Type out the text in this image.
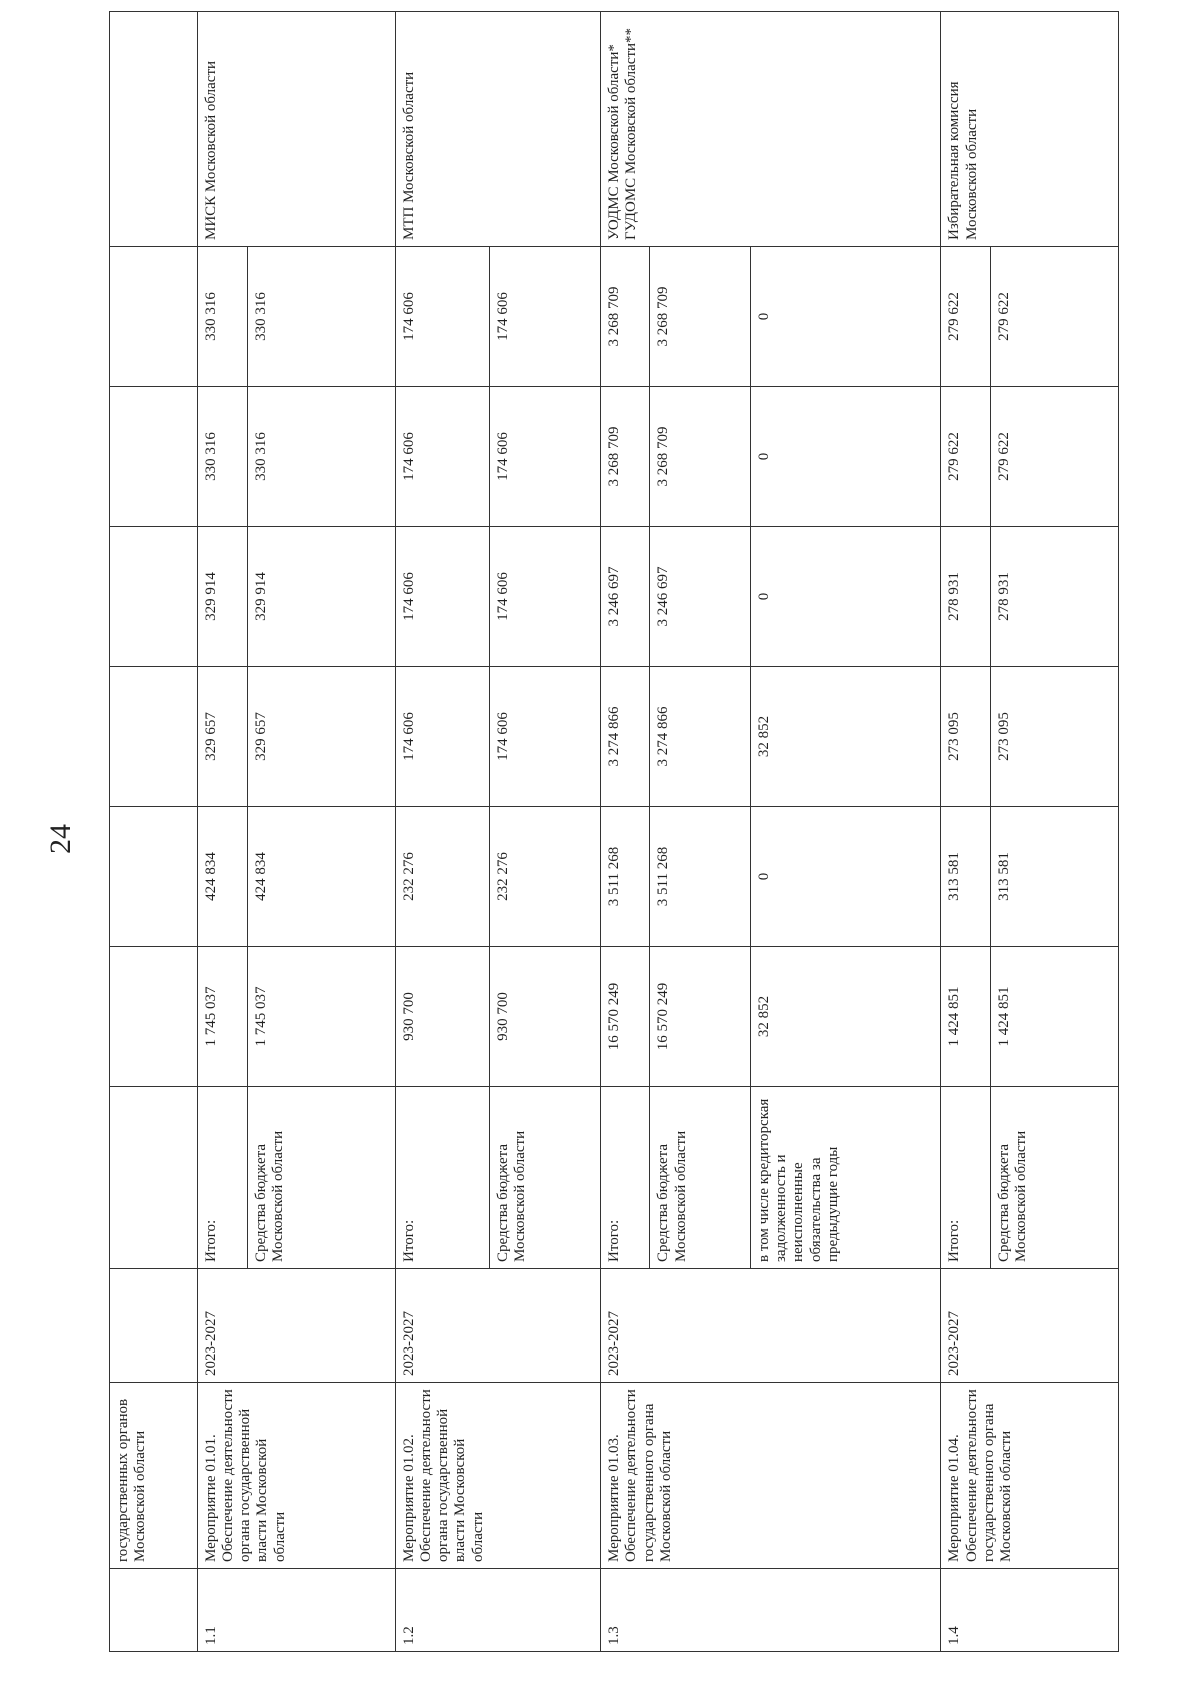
24
	государственных органов Московской области									
1.1	Мероприятие 01.01. Обеспечение деятельности органа государственной власти Московской области	2023-2027	Итого:	1 745 037	424 834	329 657	329 914	330 316	330 316	МИСК Московской области
			Средства бюджета Московской области	1 745 037	424 834	329 657	329 914	330 316	330 316	
1.2	Мероприятие 01.02. Обеспечение деятельности органа государственной власти Московской области	2023-2027	Итого:	930 700	232 276	174 606	174 606	174 606	174 606	МТП Московской области
			Средства бюджета Московской области	930 700	232 276	174 606	174 606	174 606	174 606	
1.3	Мероприятие 01.03. Обеспечение деятельности государственного органа Московской области	2023-2027	Итого:	16 570 249	3 511 268	3 274 866	3 246 697	3 268 709	3 268 709	УОДМС Московской области* ГУДОМС Московской области**
			Средства бюджета Московской области	16 570 249	3 511 268	3 274 866	3 246 697	3 268 709	3 268 709	
			в том числе кредиторская задолженность и неисполненные обязательства за предыдущие годы	32 852	0	32 852	0	0	0	
1.4	Мероприятие 01.04. Обеспечение деятельности государственного органа Московской области	2023-2027	Итого:	1 424 851	313 581	273 095	278 931	279 622	279 622	Избирательная комиссия Московской области
			Средства бюджета Московской области	1 424 851	313 581	273 095	278 931	279 622	279 622	
